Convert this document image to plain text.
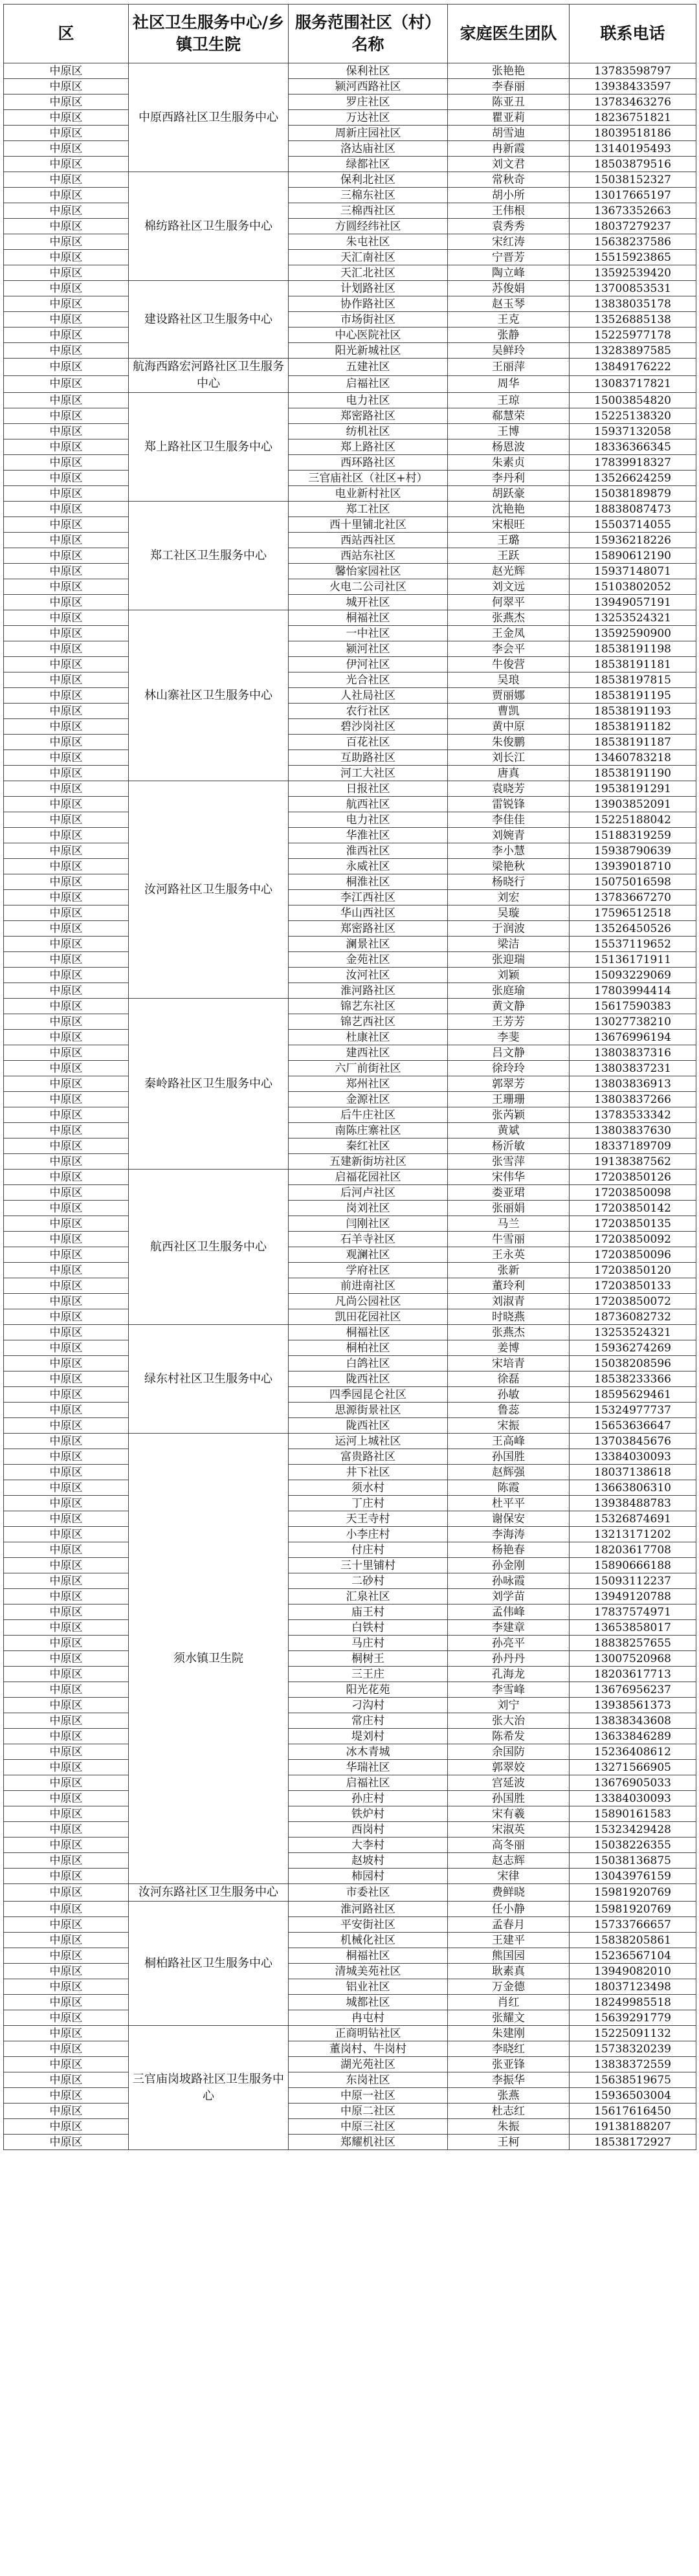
区	社区卫生服务中心/乡镇卫生院	服务范围社区（村）名称	家庭医生团队	联系电话
中原区	中原西路社区卫生服务中心	保利社区	张艳艳	13783598797
中原区		颍河西路社区	李春丽	13938433597
中原区		罗庄社区	陈亚丑	13783463276
中原区		万达社区	瞿亚莉	18236751821
中原区		周新庄园社区	胡雪迪	18039518186
中原区		洛达庙社区	冉新霞	13140195493
中原区		绿都社区	刘文君	18503879516
中原区	棉纺路社区卫生服务中心	保利北社区	常秋奇	15038152327
中原区		三棉东社区	胡小所	13017665197
中原区		三棉西社区	王伟根	13673352663
中原区		方圆经纬社区	袁秀秀	18037279237
中原区		朱屯社区	宋红涛	15638237586
中原区		天汇南社区	宁晋芳	15515923865
中原区		天汇北社区	陶立峰	13592539420
中原区	建设路社区卫生服务中心	计划路社区	苏俊娟	13700853531
中原区		协作路社区	赵玉琴	13838035178
中原区		市场街社区	王克	13526885138
中原区		中心医院社区	张静	15225977178
中原区		阳光新城社区	吴鲜玲	13283897585
中原区	航海西路宏河路社区卫生服务中心	五建社区	王丽萍	13849176222
中原区		启福社区	周华	13083717821
中原区	郑上路社区卫生服务中心	电力社区	王琼	15003854820
中原区		郑密路社区	郗慧荣	15225138320
中原区		纺机社区	王博	15937132058
中原区		郑上路社区	杨恩波	18336366345
中原区		西环路社区	朱素贞	17839918327
中原区		三官庙社区（社区+村）	李丹利	13526624259
中原区		电业新村社区	胡跃豪	15038189879
中原区	郑工社区卫生服务中心	郑工社区	沈艳艳	18838087473
中原区		西十里铺北社区	宋根旺	15503714055
中原区		西站西社区	王璐	15936218226
中原区		西站东社区	王跃	15890612190
中原区		馨怡家园社区	赵光辉	15937148071
中原区		火电二公司社区	刘文远	15103802052
中原区		城开社区	何翠平	13949057191
中原区	林山寨社区卫生服务中心	桐福社区	张燕杰	13253524321
中原区		一中社区	王金凤	13592590900
中原区		颍河社区	李会平	18538191198
中原区		伊河社区	牛俊营	18538191181
中原区		光合社区	吴琅	18538197815
中原区		人社局社区	贾丽娜	18538191195
中原区		农行社区	曹凯	18538191193
中原区		碧沙岗社区	黄中原	18538191182
中原区		百花社区	朱俊鹏	18538191187
中原区		互助路社区	刘长江	13460783218
中原区		河工大社区	唐真	18538191190
中原区	汝河路社区卫生服务中心	日报社区	袁晓芳	19538191291
中原区		航西社区	雷锐锋	13903852091
中原区		电力社区	李佳佳	15225188042
中原区		华淮社区	刘婉青	15188319259
中原区		淮西社区	李小慧	15938790639
中原区		永威社区	梁艳秋	13939018710
中原区		桐淮社区	杨晓行	15075016598
中原区		李江西社区	刘宏	13783667270
中原区		华山西社区	吴璇	17596512518
中原区		郑密路社区	于润波	13526450526
中原区		澜景社区	梁洁	15537119652
中原区		金苑社区	张迎瑞	15136171911
中原区		汝河社区	刘颖	15093229069
中原区		淮河路社区	张庭瑜	17803994414
中原区	秦岭路社区卫生服务中心	锦艺东社区	黄文静	15617590383
中原区		锦艺西社区	王芳芳	13027738210
中原区		杜康社区	李斐	13676996194
中原区		建西社区	吕文静	13803837316
中原区		六厂前街社区	徐玲玲	13803837231
中原区		郑州社区	郭翠芳	13803836913
中原区		金源社区	王珊珊	13803837266
中原区		后牛庄社区	张芮颖	13783533342
中原区		南陈庄寨社区	黄斌	13803837630
中原区		秦红社区	杨沂敏	18337189709
中原区		五建新街坊社区	张雪萍	19138387562
中原区	航西社区卫生服务中心	启福花园社区	宋伟华	17203850126
中原区		后河卢社区	娄亚珺	17203850098
中原区		岗刘社区	张丽娟	17203850142
中原区		闫刚社区	马兰	17203850135
中原区		石羊寺社区	牛雪丽	17203850092
中原区		观澜社区	王永英	17203850096
中原区		学府社区	张新	17203850120
中原区		前进南社区	董玲利	17203850133
中原区		凡尚公园社区	刘淑青	17203850072
中原区		凯田花园社区	时晓燕	18736082732
中原区	绿东村社区卫生服务中心	桐福社区	张燕杰	13253524321
中原区		桐柏社区	姜博	15936274269
中原区		白鸽社区	宋培青	15038208596
中原区		陇西社区	徐磊	18538233366
中原区		四季园昆仑社区	孙敏	18595629461
中原区		思源街景社区	鲁蕊	15324977737
中原区		陇西社区	宋振	15653636647
中原区	须水镇卫生院	运河上城社区	王高峰	13703845676
中原区		富贵路社区	孙国胜	13384030093
中原区		井下社区	赵辉强	18037138618
中原区		须水村	陈霞	13663806310
中原区		丁庄村	杜平平	13938488783
中原区		天王寺村	谢保安	15326874691
中原区		小李庄村	李海涛	13213171202
中原区		付庄村	杨艳春	18203617708
中原区		三十里铺村	孙金刚	15890666188
中原区		二砂村	孙咏霞	15093112237
中原区		汇泉社区	刘学苗	13949120788
中原区		庙王村	孟伟峰	17837574971
中原区		白铁村	李建章	13653858017
中原区		马庄村	孙亮平	18838257655
中原区		桐树王	孙丹丹	13007520968
中原区		三王庄	孔海龙	18203617713
中原区		阳光花苑	李雪峰	13676956237
中原区		刁沟村	刘宁	13938561373
中原区		常庄村	张大治	13838343608
中原区		堤刘村	陈希发	13633846289
中原区		冰木青城	余国防	15236408612
中原区		华瑞社区	郭翠姣	13271566905
中原区		启福社区	宫延波	13676905033
中原区		孙庄村	孙国胜	13384030093
中原区		铁炉村	宋有羲	15890161583
中原区		西岗村	宋淑英	15323429428
中原区		大李村	高冬丽	15038226355
中原区		赵坡村	赵志辉	15038136875
中原区		柿园村	宋律	13043976159
中原区	汝河东路社区卫生服务中心	市委社区	费鲜晓	15981920769
中原区	桐柏路社区卫生服务中心	淮河路社区	任小静	15981920769
中原区		平安街社区	孟春月	15733766657
中原区		机械化社区	王建平	15838205861
中原区		桐福社区	熊国园	15236567104
中原区		清城美苑社区	耿素真	13949082010
中原区		铝业社区	万金德	18037123498
中原区		城都社区	肖红	18249985518
中原区		冉屯村	张耀文	15639291779
中原区	三官庙岗坡路社区卫生服务中心	正商明钻社区	朱建刚	15225091132
中原区		董岗村、牛岗村	李晓红	15738320239
中原区		湖光苑社区	张亚锋	13838372559
中原区		东岗社区	李振华	15638519675
中原区		中原一社区	张燕	15936503004
中原区		中原二社区	杜志红	15617616450
中原区		中原三社区	朱振	19138188207
中原区		郑耀机社区	王柯	18538172927
